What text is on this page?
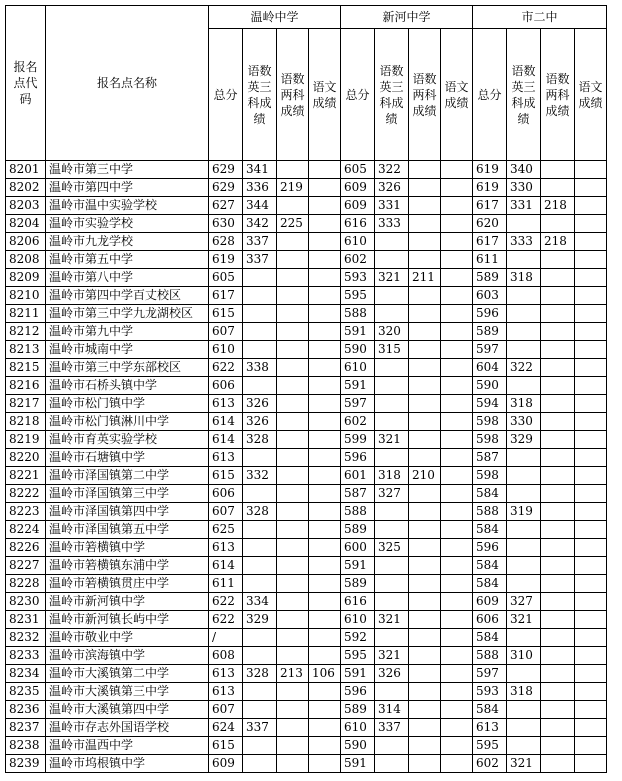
报名点代码	报名点名称	温岭中学				新河中学				市二中			
		总分	语数英三科成绩	语数两科成绩	语文成绩	总分	语数英三科成绩	语数两科成绩	语文成绩	总分	语数英三科成绩	语数两科成绩	语文成绩
8201	温岭市第三中学	629	341			605	322			619	340		
8202	温岭市第四中学	629	336	219		609	326			619	330		
8203	温岭市温中实验学校	627	344			609	331			617	331	218	
8204	温岭市实验学校	630	342	225		616	333			620			
8206	温岭市九龙学校	628	337			610				617	333	218	
8208	温岭市第五中学	619	337			602				611			
8209	温岭市第八中学	605				593	321	211		589	318		
8210	温岭市第四中学百丈校区	617				595				603			
8211	温岭市第三中学九龙湖校区	615				588				596			
8212	温岭市第九中学	607				591	320			589			
8213	温岭市城南中学	610				590	315			597			
8215	温岭市第三中学东部校区	622	338			610				604	322		
8216	温岭市石桥头镇中学	606				591				590			
8217	温岭市松门镇中学	613	326			597				594	318		
8218	温岭市松门镇淋川中学	614	326			602				598	330		
8219	温岭市育英实验学校	614	328			599	321			598	329		
8220	温岭市石塘镇中学	613				596				587			
8221	温岭市泽国镇第二中学	615	332			601	318	210		598			
8222	温岭市泽国镇第三中学	606				587	327			584			
8223	温岭市泽国镇第四中学	607	328			588				588	319		
8224	温岭市泽国镇第五中学	625				589				584			
8226	温岭市箬横镇中学	613				600	325			596			
8227	温岭市箬横镇东浦中学	614				591				584			
8228	温岭市箬横镇贯庄中学	611				589				584			
8230	温岭市新河镇中学	622	334			616				609	327		
8231	温岭市新河镇长屿中学	622	329			610	321			606	321		
8232	温岭市敬业中学	/				592				584			
8233	温岭市滨海镇中学	608				595	321			588	310		
8234	温岭市大溪镇第二中学	613	328	213	106	591	326			597			
8235	温岭市大溪镇第三中学	613				596				593	318		
8236	温岭市大溪镇第四中学	607				589	314			584			
8237	温岭市存志外国语学校	624	337			610	337			613			
8238	温岭市温西中学	615				590				595			
8239	温岭市坞根镇中学	609				591				602	321		
